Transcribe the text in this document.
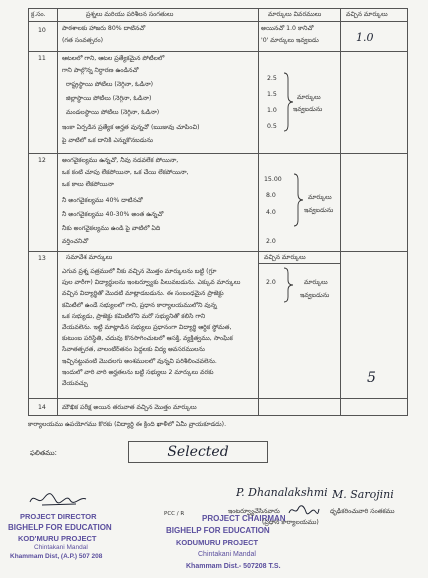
క్ర.సం.	ప్రశ్నలు మరియు పరిశీలన సంగతులు	మార్కులు వివరములు	వచ్చిన మార్కులు
10	పాఠశాలకు హాజరు 80% దాటినచో
(గత సంవత్సరం)
అయినచో 1.0 కానిచో
'0' మార్కులు ఇవ్వబడు	1.0
11	ఆటలలో గాని, ఆటల ప్రత్యేకమైన పోటీలలో
గాని పాల్గొన్న నిర్ధారణ ఉండినచో
రాష్ట్రస్థాయి పోటీలు (నెగ్గినా, ఓడినా)
జిల్లాస్థాయి పోటీలు (నెగ్గినా, ఓడినా)
మండలస్థాయి పోటీలు (నెగ్గినా, ఓడినా)
ఇంకా ఏర్పడిన ప్రత్యేక అర్హత వున్నచో (ఋజువు చూపించి)
పై వాటిలో ఒక దానికి ఎన్నుకొనబడును
2.5
1.5
1.0
0.5
మార్కులు
ఇవ్వబడును
12	అంగవైకల్యము ఉన్నచో, నీవు నడవలేక పోయినా,
ఒక కంటి చూపు లేకపోయినా, ఒక చేయి లేకపోయినా,
ఒక కాలు లేకపోయినా
నీ అంగవైకల్యము 40% దాటినచో
నీ అంగవైకల్యము 40-30% అంత ఉన్నచో
నీకు అంగవైకల్యము ఉండి పై వాటిలో ఏది
వర్తించనిచో
15.00
8.0
4.0
2.0
మార్కులు
ఇవ్వబడును
13	సమావేశ మార్కులు	వచ్చిన మార్కులు
ఎగువ ప్రశ్న పత్రములో నీకు వచ్చిన మొత్తం మార్కులను బట్టి (గ్రూ
పుల వారీగా) విద్యార్థులను ఇంటర్వ్యూకు పిలువబడును. ఎక్కువ మార్కులు
వచ్చిన విద్యార్థితో మొదటి మాట్లాడబడును. ఈ సంబంధమైన ప్రాజెక్టు
కమిటీలో ఉండే సభ్యులలో గాని, ప్రధాన కార్యాలయములోని వున్న
ఒక సభ్యుడు, ప్రాజెక్టు కమిటీలోని మరో సభ్యునితో కలిసి గాని
వేయవలెను. ఇట్టి మాట్లాడిన సభ్యులు ప్రధానంగా విద్యార్థి ఆర్థిక స్థోమత,
కుటుంబ పరిస్థితి, చదువు కొనసాగించుటలో ఆసక్తి, వ్యక్తిత్వము, సాంఘిక
సేవాతత్పరత, వాలంటీర్‌తనం పెద్దలకు విద్య అవసరములను
ఇచ్చినట్టువంటి మొదలగు అంశములలో వున్నవి పరిశీలించవలెను.
ఇందులో వారి వారి అర్హతలను బట్టి సభ్యులు 2 మార్కులు వరకు
వేయవచ్చు
2.0	మార్కులు
ఇవ్వబడును
5
14	మౌఖిక పరీక్ష అయిన తరువాత వచ్చిన మొత్తం మార్కులు
కార్యాలయము ఉపయోగము కొరకు (విద్యార్థి ఈ క్రింది ఖాళీలో ఏమీ వ్రాయకూడదు).
ఫలితము:	Selected
PROJECT DIRECTOR
BIGHELP FOR EDUCATION
KOD'MURU PROJECT
Chintakani Mandal
Khammam Dist, (A.P.) 507 208
PCC / R	PROJECT CHAIRMAN
BIGHELP FOR EDUCATION
KODUMURU PROJECT
Chintakani Mandal
Khammam Dist.- 507208 T.S.
P. Dhanalakshmi M. Sarojini
ఇంటర్వ్యూచేసినవారు
(ప్రధాన కార్యాలయము)
ధృఢీకరించువారి సంతకము
